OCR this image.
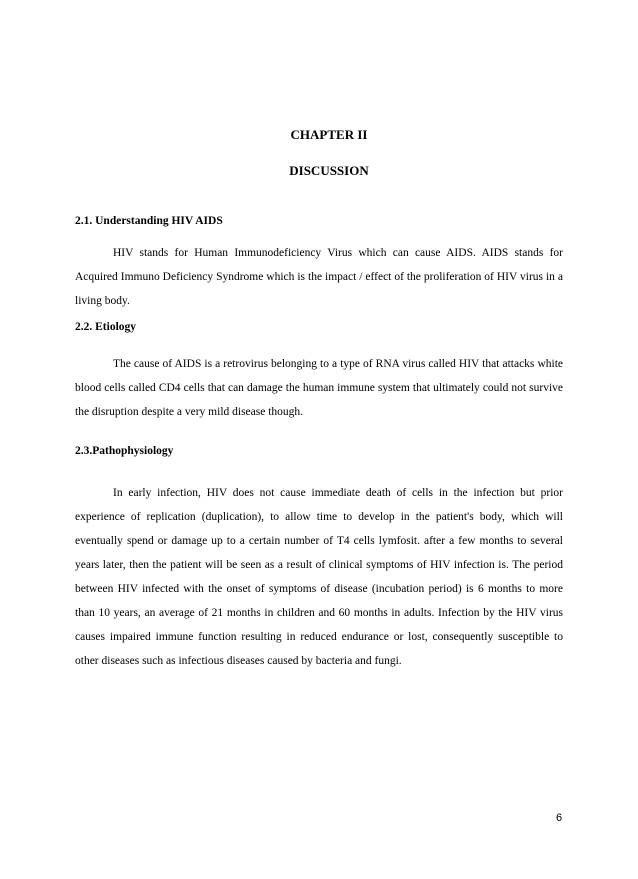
CHAPTER II
DISCUSSION
2.1. Understanding HIV AIDS

HIV stands for Human Immunodeficiency Virus which can cause AIDS. AIDS stands for Acquired Immuno Deficiency Syndrome which is the impact / effect of the proliferation of HIV virus in a living body.

2.2. Etiology

The cause of AIDS is a retrovirus belonging to a type of RNA virus called HIV that attacks white blood cells called CD4 cells that can damage the human immune system that ultimately could not survive the disruption despite a very mild disease though.

2.3.Pathophysiology

In early infection, HIV does not cause immediate death of cells in the infection but prior experience of replication (duplication), to allow time to develop in the patient's body, which will eventually spend or damage up to a certain number of T4 cells lymfosit. after a few months to several years later, then the patient will be seen as a result of clinical symptoms of HIV infection is. The period between HIV infected with the onset of symptoms of disease (incubation period) is 6 months to more than 10 years, an average of 21 months in children and 60 months in adults. Infection by the HIV virus causes impaired immune function resulting in reduced endurance or lost, consequently susceptible to other diseases such as infectious diseases caused by bacteria and fungi.

6
